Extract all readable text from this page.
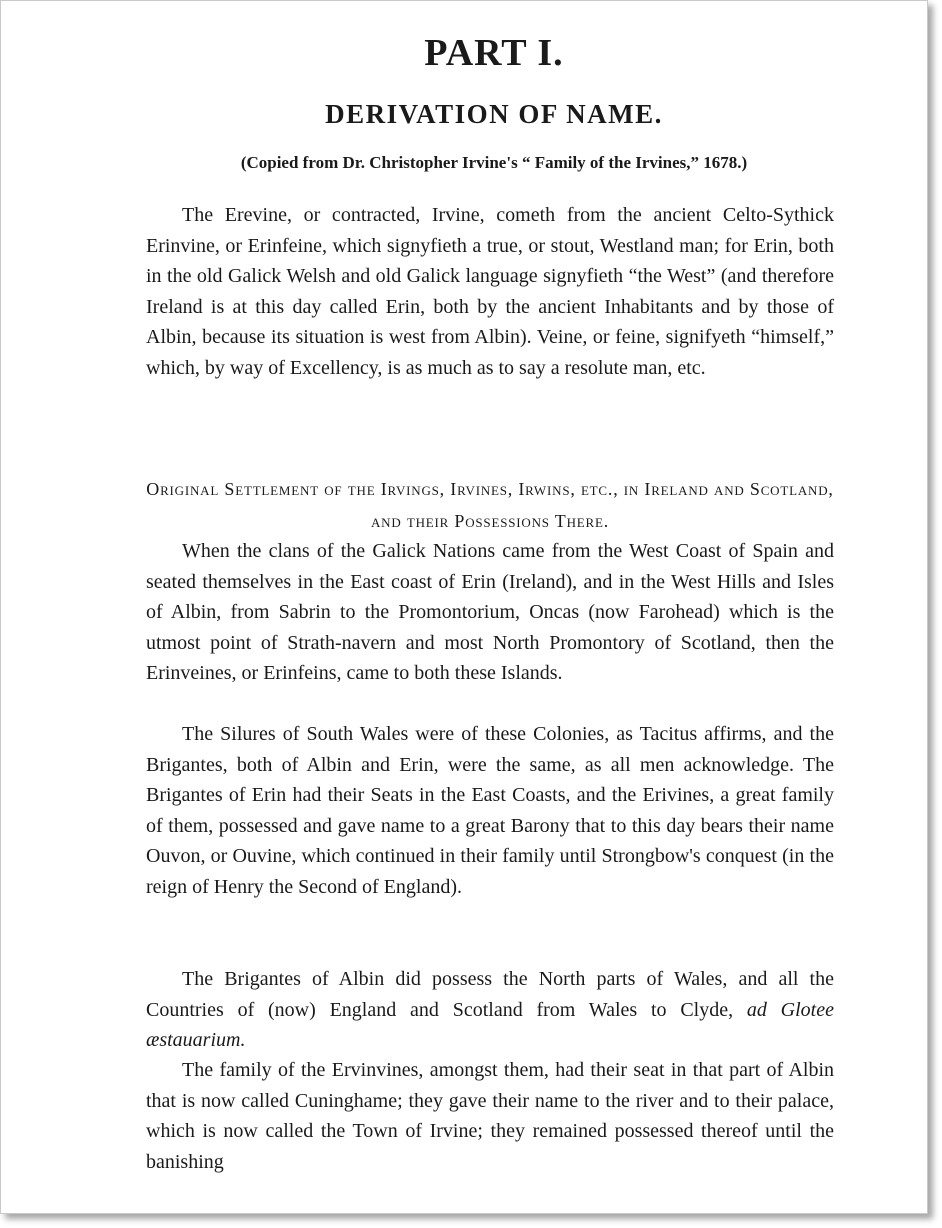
PART I.
DERIVATION OF NAME.
(Copied from Dr. Christopher Irvine's “ Family of the Irvines,” 1678.)

The Erevine, or contracted, Irvine, cometh from the ancient Celto-Sythick Erinvine, or Erinfeine, which signyfieth a true, or stout, Westland man; for Erin, both in the old Galick Welsh and old Galick language signyfieth “the West” (and therefore Ireland is at this day called Erin, both by the ancient Inhabitants and by those of Albin, because its situation is west from Albin). Veine, or feine, signifyeth “himself,” which, by way of Excellency, is as much as to say a resolute man, etc.

Original Settlement of the Irvings, Irvines, Irwins, etc., in Ireland and Scotland, and their Possessions There.

When the clans of the Galick Nations came from the West Coast of Spain and seated themselves in the East coast of Erin (Ireland), and in the West Hills and Isles of Albin, from Sabrin to the Promontorium, Oncas (now Farohead) which is the utmost point of Strath-navern and most North Promontory of Scotland, then the Erinveines, or Erinfeins, came to both these Islands.

The Silures of South Wales were of these Colonies, as Tacitus affirms, and the Brigantes, both of Albin and Erin, were the same, as all men acknowledge. The Brigantes of Erin had their Seats in the East Coasts, and the Erivines, a great family of them, possessed and gave name to a great Barony that to this day bears their name Ouvon, or Ouvine, which continued in their family until Strongbow's conquest (in the reign of Henry the Second of England).

The Brigantes of Albin did possess the North parts of Wales, and all the Countries of (now) England and Scotland from Wales to Clyde, ad Glotee æstauarium.

The family of the Ervinvines, amongst them, had their seat in that part of Albin that is now called Cuninghame; they gave their name to the river and to their palace, which is now called the Town of Irvine; they remained possessed thereof until the banishing
